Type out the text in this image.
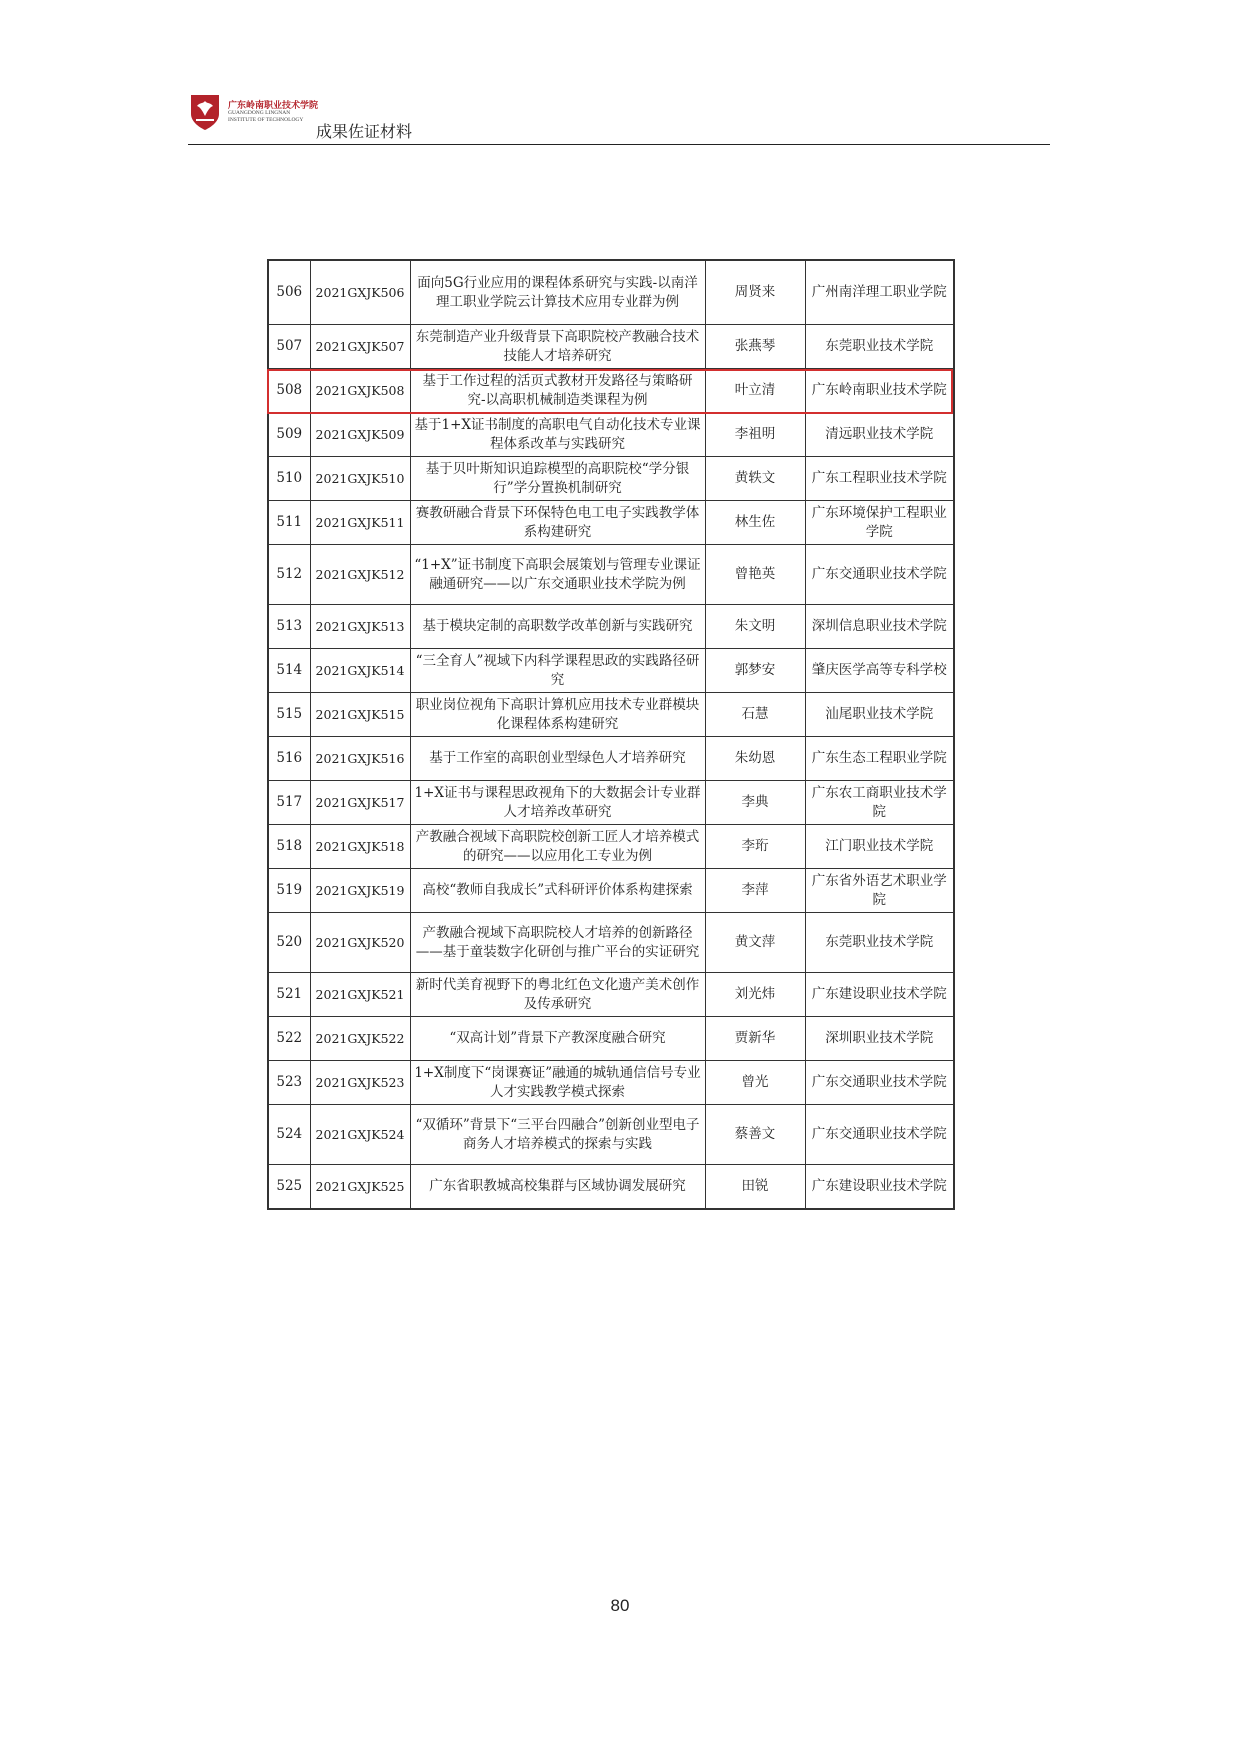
广东岭南职业技术学院
GUANGDONG LINGNAN
INSTITUTE OF TECHNOLOGY
成果佐证材料
506	2021GXJK506	面向5G行业应用的课程体系研究与实践-以南洋理工职业学院云计算技术应用专业群为例	周贤来	广州南洋理工职业学院
507	2021GXJK507	东莞制造产业升级背景下高职院校产教融合技术技能人才培养研究	张燕琴	东莞职业技术学院
508	2021GXJK508	基于工作过程的活页式教材开发路径与策略研究-以高职机械制造类课程为例	叶立清	广东岭南职业技术学院
509	2021GXJK509	基于1+X证书制度的高职电气自动化技术专业课程体系改革与实践研究	李祖明	清远职业技术学院
510	2021GXJK510	基于贝叶斯知识追踪模型的高职院校“学分银行”学分置换机制研究	黄轶文	广东工程职业技术学院
511	2021GXJK511	赛教研融合背景下环保特色电工电子实践教学体系构建研究	林生佐	广东环境保护工程职业学院
512	2021GXJK512	“1+X”证书制度下高职会展策划与管理专业课证融通研究——以广东交通职业技术学院为例	曾艳英	广东交通职业技术学院
513	2021GXJK513	基于模块定制的高职数学改革创新与实践研究	朱文明	深圳信息职业技术学院
514	2021GXJK514	“三全育人”视域下内科学课程思政的实践路径研究	郭梦安	肇庆医学高等专科学校
515	2021GXJK515	职业岗位视角下高职计算机应用技术专业群模块化课程体系构建研究	石慧	汕尾职业技术学院
516	2021GXJK516	基于工作室的高职创业型绿色人才培养研究	朱幼恩	广东生态工程职业学院
517	2021GXJK517	1+X证书与课程思政视角下的大数据会计专业群人才培养改革研究	李典	广东农工商职业技术学院
518	2021GXJK518	产教融合视域下高职院校创新工匠人才培养模式的研究——以应用化工专业为例	李珩	江门职业技术学院
519	2021GXJK519	高校“教师自我成长”式科研评价体系构建探索	李萍	广东省外语艺术职业学院
520	2021GXJK520	产教融合视域下高职院校人才培养的创新路径——基于童装数字化研创与推广平台的实证研究	黄文萍	东莞职业技术学院
521	2021GXJK521	新时代美育视野下的粤北红色文化遗产美术创作及传承研究	刘光炜	广东建设职业技术学院
522	2021GXJK522	“双高计划”背景下产教深度融合研究	贾新华	深圳职业技术学院
523	2021GXJK523	1+X制度下“岗课赛证”融通的城轨通信信号专业人才实践教学模式探索	曾光	广东交通职业技术学院
524	2021GXJK524	“双循环”背景下“三平台四融合”创新创业型电子商务人才培养模式的探索与实践	蔡善文	广东交通职业技术学院
525	2021GXJK525	广东省职教城高校集群与区域协调发展研究	田锐	广东建设职业技术学院
80
